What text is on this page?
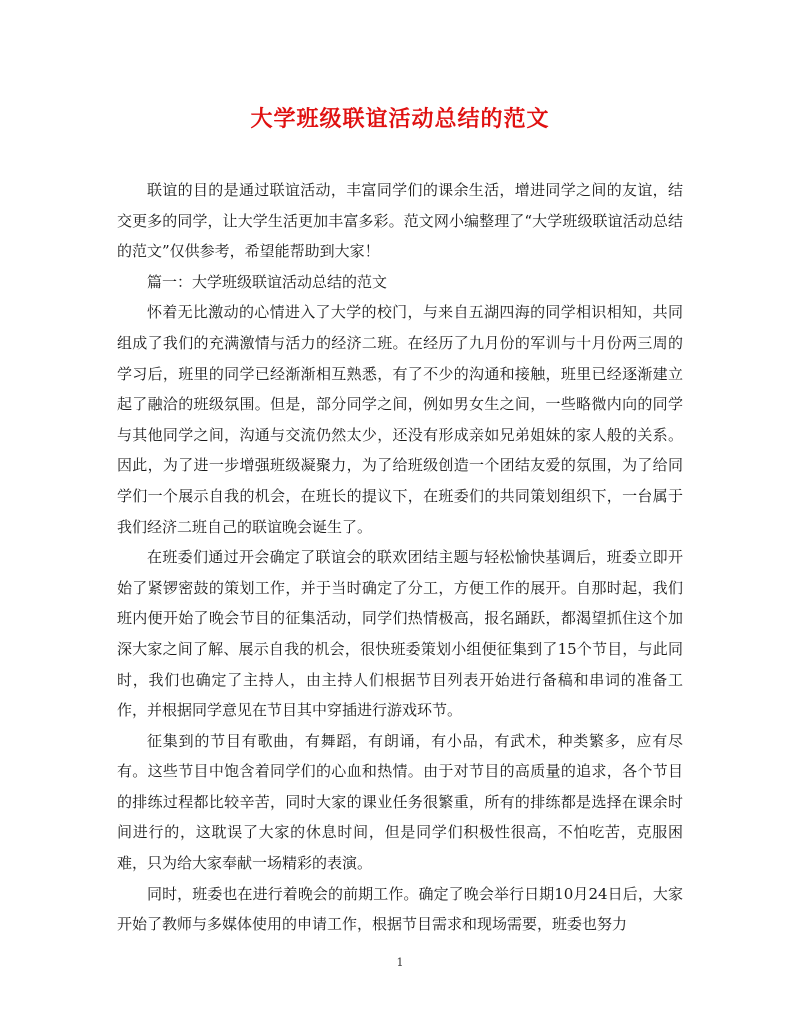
大学班级联谊活动总结的范文

联谊的目的是通过联谊活动，丰富同学们的课余生活，增进同学之间的友谊，结交更多的同学，让大学生活更加丰富多彩。范文网小编整理了“大学班级联谊活动总结的范文”仅供参考，希望能帮助到大家！

篇一：大学班级联谊活动总结的范文

怀着无比激动的心情进入了大学的校门，与来自五湖四海的同学相识相知，共同组成了我们的充满激情与活力的经济二班。在经历了九月份的军训与十月份两三周的学习后，班里的同学已经渐渐相互熟悉，有了不少的沟通和接触，班里已经逐渐建立起了融洽的班级氛围。但是，部分同学之间，例如男女生之间，一些略微内向的同学与其他同学之间，沟通与交流仍然太少，还没有形成亲如兄弟姐妹的家人般的关系。因此，为了进一步增强班级凝聚力，为了给班级创造一个团结友爱的氛围，为了给同学们一个展示自我的机会，在班长的提议下，在班委们的共同策划组织下，一台属于我们经济二班自己的联谊晚会诞生了。

在班委们通过开会确定了联谊会的联欢团结主题与轻松愉快基调后，班委立即开始了紧锣密鼓的策划工作，并于当时确定了分工，方便工作的展开。自那时起，我们班内便开始了晚会节目的征集活动，同学们热情极高，报名踊跃，都渴望抓住这个加深大家之间了解、展示自我的机会，很快班委策划小组便征集到了15个节目，与此同时，我们也确定了主持人，由主持人们根据节目列表开始进行备稿和串词的准备工作，并根据同学意见在节目其中穿插进行游戏环节。

征集到的节目有歌曲，有舞蹈，有朗诵，有小品，有武术，种类繁多，应有尽有。这些节目中饱含着同学们的心血和热情。由于对节目的高质量的追求，各个节目的排练过程都比较辛苦，同时大家的课业任务很繁重，所有的排练都是选择在课余时间进行的，这耽误了大家的休息时间，但是同学们积极性很高，不怕吃苦，克服困难，只为给大家奉献一场精彩的表演。

同时，班委也在进行着晚会的前期工作。确定了晚会举行日期10月24日后，大家开始了教师与多媒体使用的申请工作，根据节目需求和现场需要，班委也努力

1
